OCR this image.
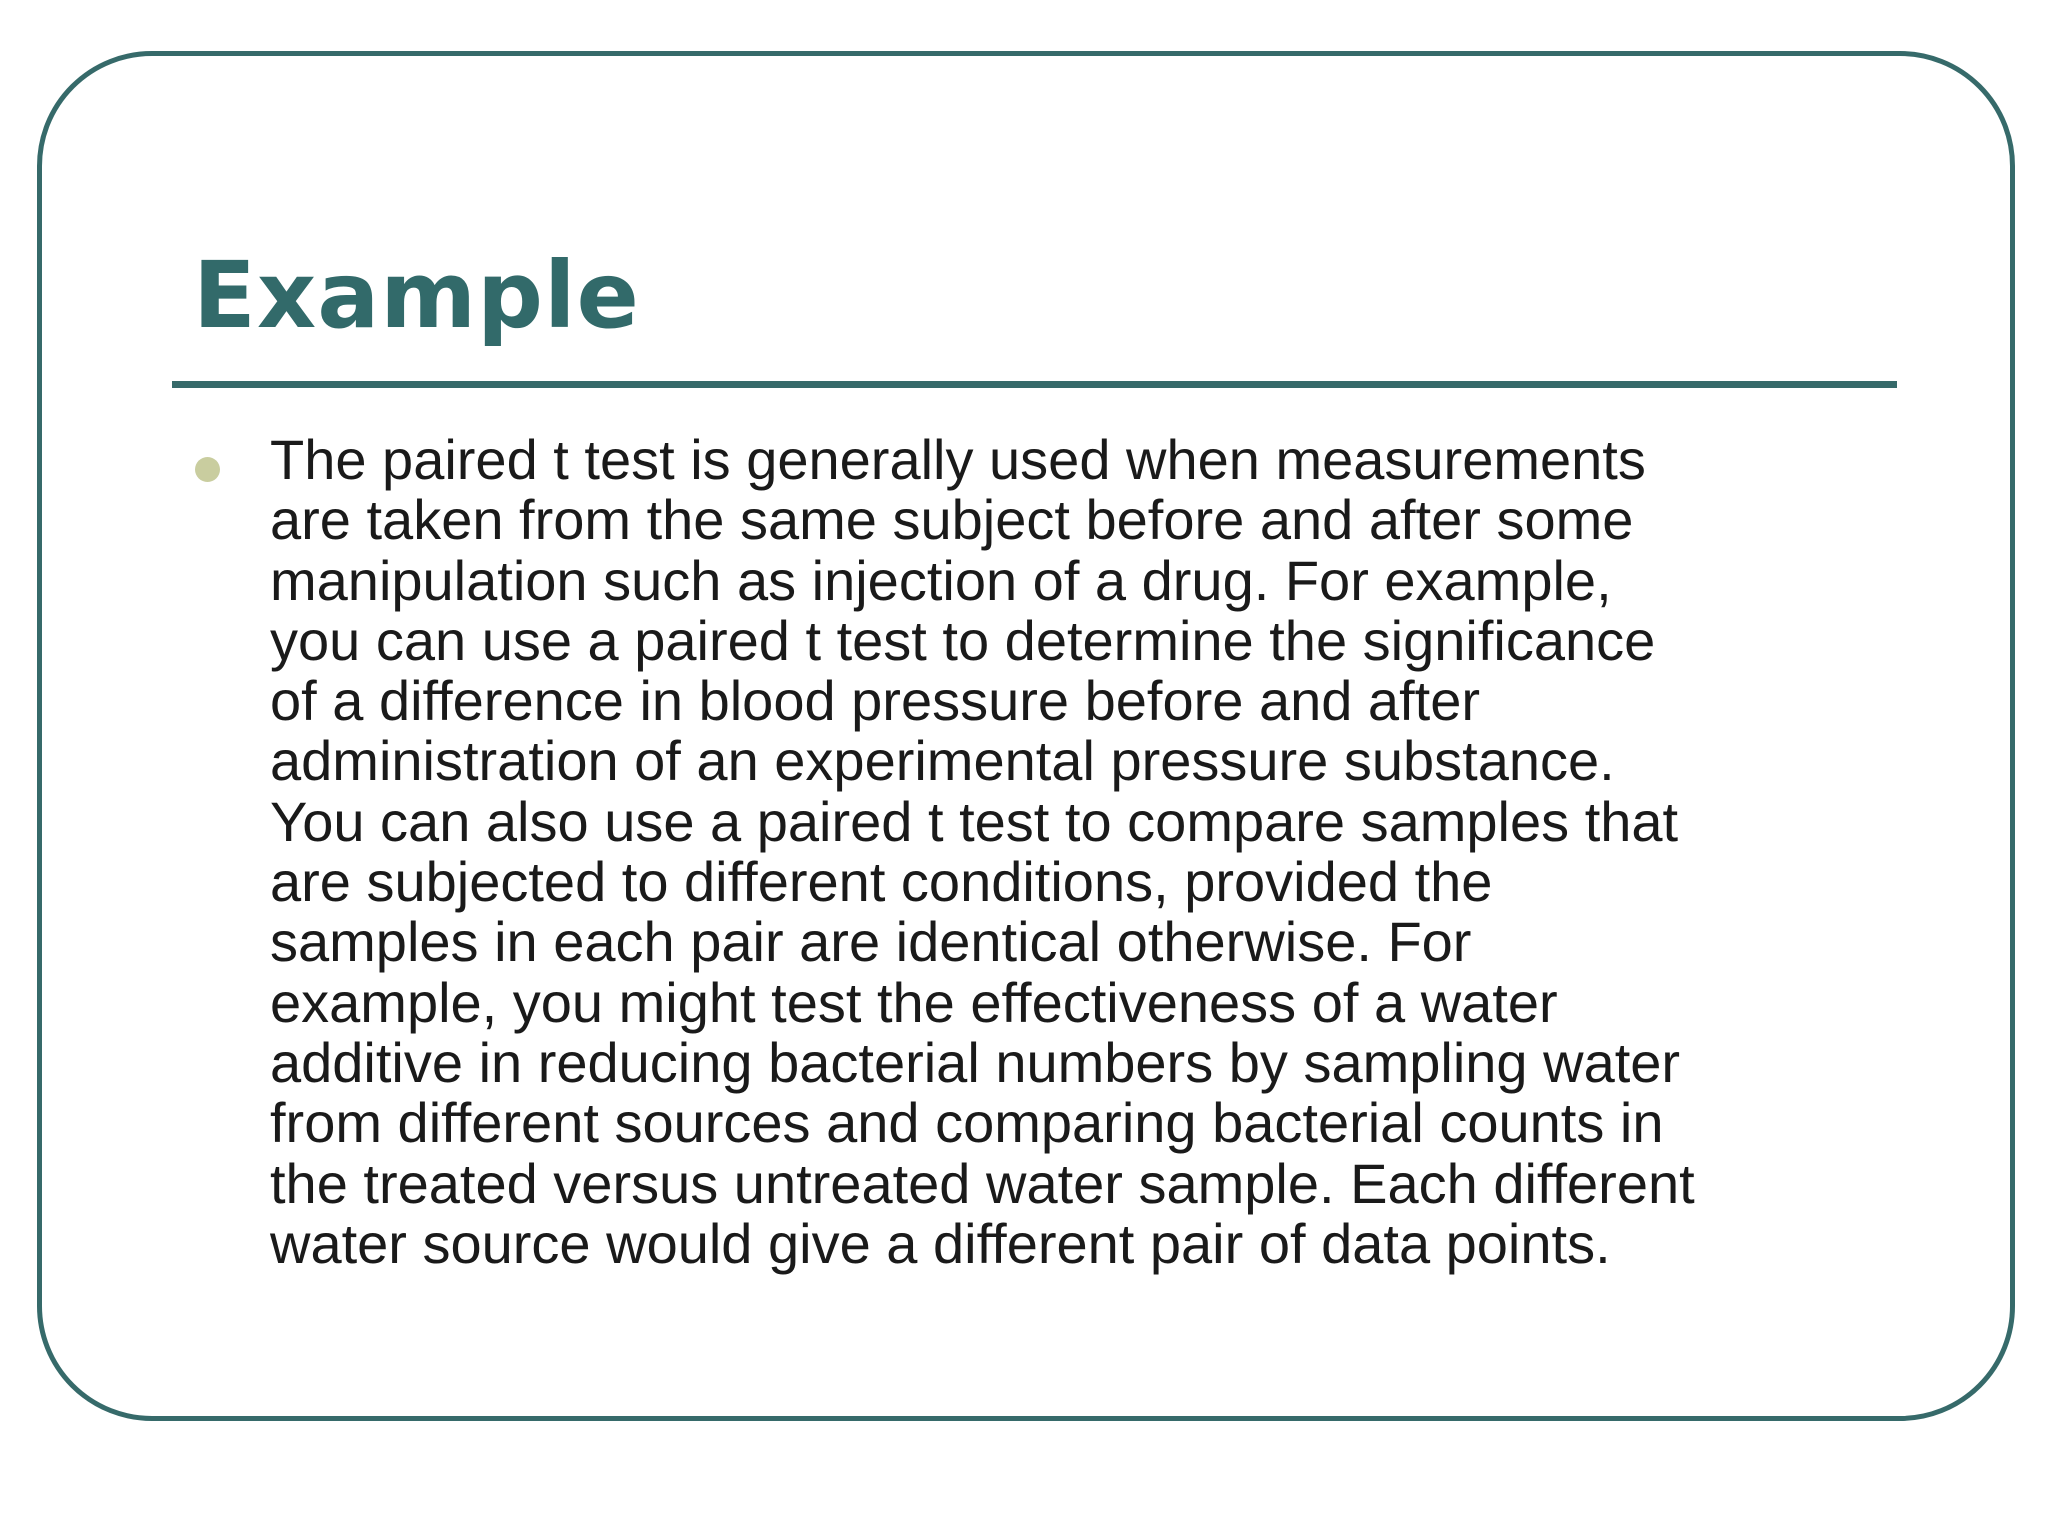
Example

The paired t test is generally used when measurements
are taken from the same subject before and after some
manipulation such as injection of a drug. For example,
you can use a paired t test to determine the significance
of a difference in blood pressure before and after
administration of an experimental pressure substance.
You can also use a paired t test to compare samples that
are subjected to different conditions, provided the
samples in each pair are identical otherwise. For
example, you might test the effectiveness of a water
additive in reducing bacterial numbers by sampling water
from different sources and comparing bacterial counts in
the treated versus untreated water sample. Each different
water source would give a different pair of data points.
